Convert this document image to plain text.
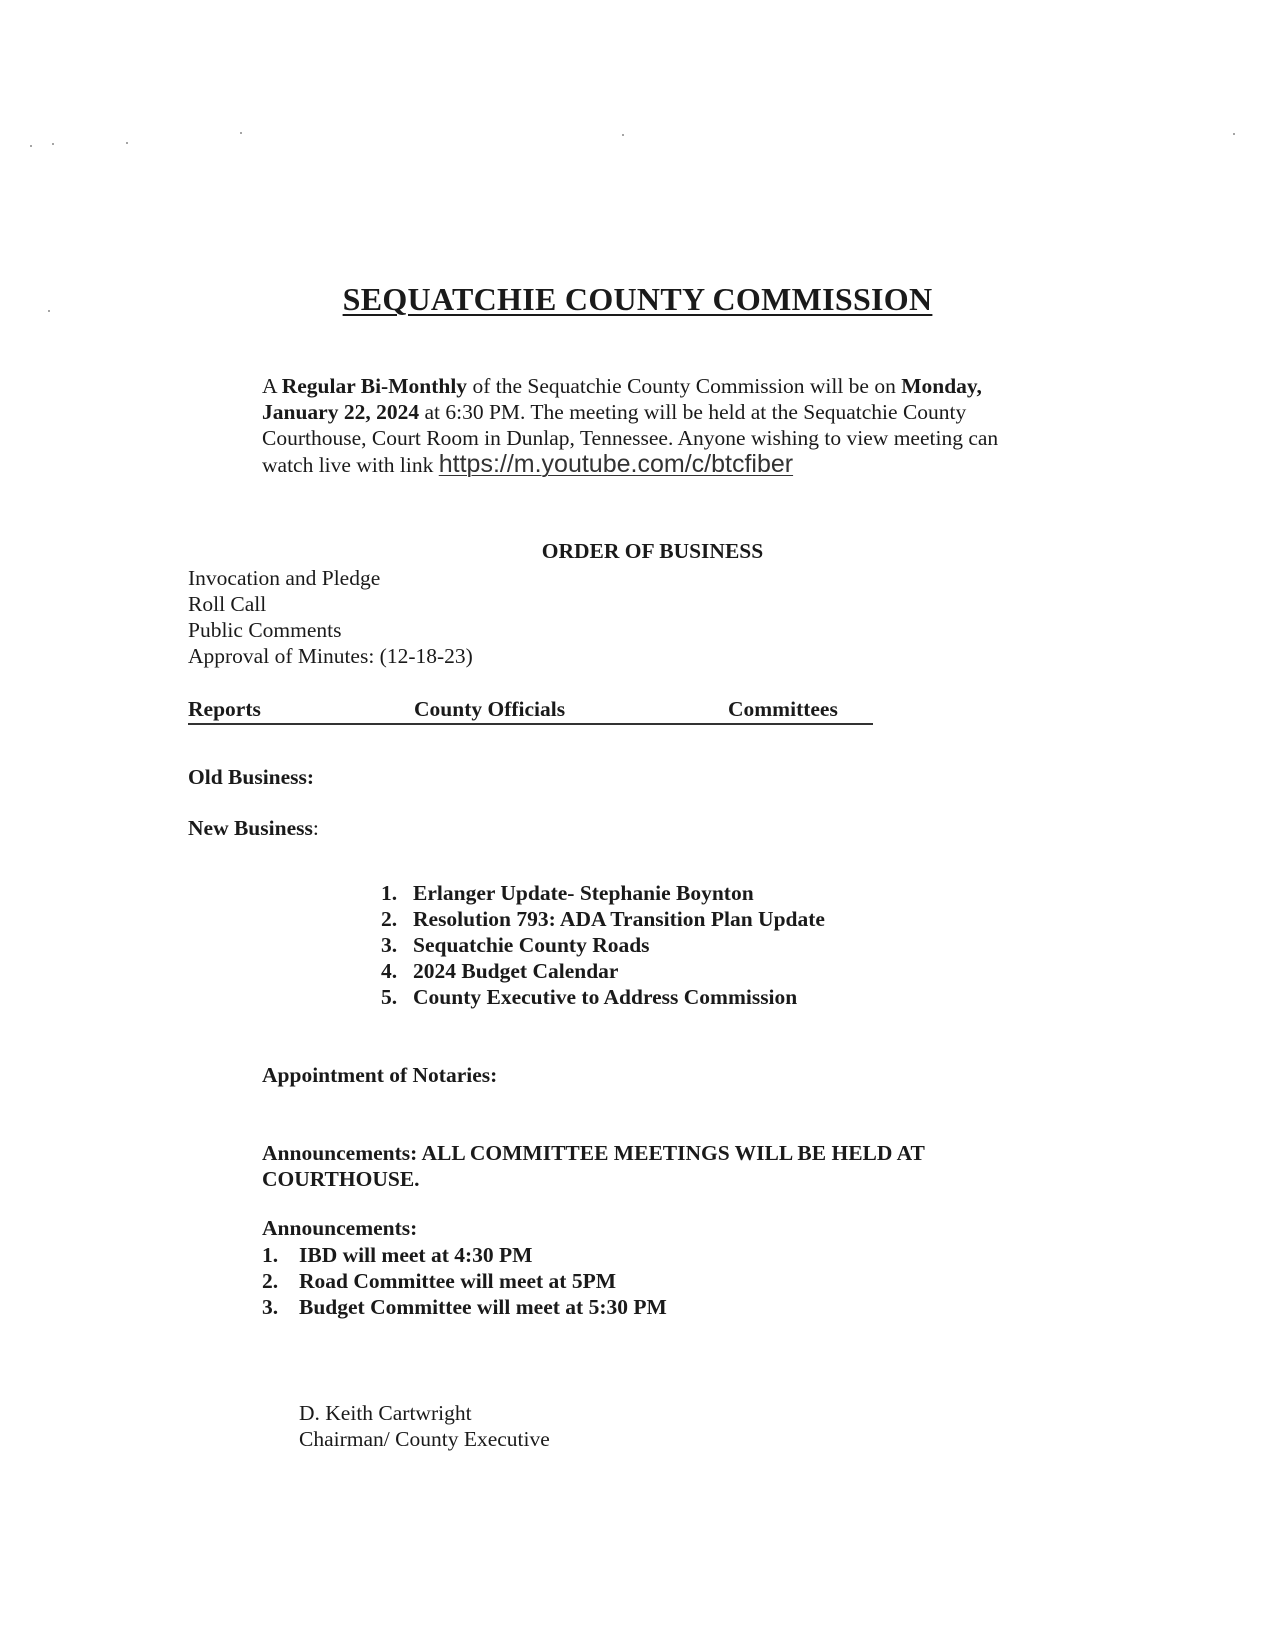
SEQUATCHIE COUNTY COMMISSION
A Regular Bi-Monthly of the Sequatchie County Commission will be on Monday,
January 22, 2024 at 6:30 PM. The meeting will be held at the Sequatchie County
Courthouse, Court Room in Dunlap, Tennessee. Anyone wishing to view meeting can
watch live with link https://m.youtube.com/c/btcfiber
ORDER OF BUSINESS
Invocation and Pledge
Roll Call
Public Comments
Approval of Minutes: (12-18-23)
Reports	County Officials	Committees
Old Business:
New Business:
1. Erlanger Update- Stephanie Boynton
2. Resolution 793: ADA Transition Plan Update
3. Sequatchie County Roads
4. 2024 Budget Calendar
5. County Executive to Address Commission
Appointment of Notaries:
Announcements: ALL COMMITTEE MEETINGS WILL BE HELD AT
COURTHOUSE.
Announcements:
1. IBD will meet at 4:30 PM
2. Road Committee will meet at 5PM
3. Budget Committee will meet at 5:30 PM
D. Keith Cartwright
Chairman/ County Executive
